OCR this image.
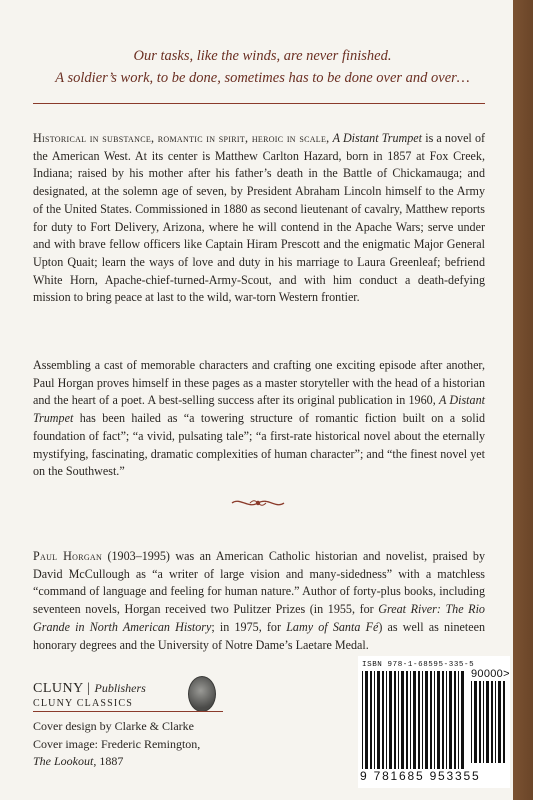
Our tasks, like the winds, are never finished.
A soldier’s work, to be done, sometimes has to be done over and over…

Historical in substance, romantic in spirit, heroic in scale, A Distant Trumpet is a novel of the American West. At its center is Matthew Carlton Hazard, born in 1857 at Fox Creek, Indiana; raised by his mother after his father’s death in the Battle of Chickamauga; and designated, at the solemn age of seven, by President Abraham Lincoln himself to the Army of the United States. Commissioned in 1880 as second lieutenant of cavalry, Matthew reports for duty to Fort Delivery, Arizona, where he will contend in the Apache Wars; serve under and with brave fellow officers like Captain Hiram Prescott and the enigmatic Major General Upton Quait; learn the ways of love and duty in his marriage to Laura Greenleaf; befriend White Horn, Apache-chief-turned-Army-Scout, and with him conduct a death-defying mission to bring peace at last to the wild, war-torn Western frontier.

Assembling a cast of memorable characters and crafting one exciting episode after another, Paul Horgan proves himself in these pages as a master storyteller with the head of a historian and the heart of a poet. A best-selling success after its original publication in 1960, A Distant Trumpet has been hailed as “a towering structure of romantic fiction built on a solid foundation of fact”; “a vivid, pulsating tale”; “a first-rate historical novel about the eternally mystifying, fascinating, dramatic complexities of human character”; and “the finest novel yet on the Southwest.”

Paul Horgan (1903–1995) was an American Catholic historian and novelist, praised by David McCullough as “a writer of large vision and many-sidedness” with a matchless “command of language and feeling for human nature.” Author of forty-plus books, including seventeen novels, Horgan received two Pulitzer Prizes (in 1955, for Great River: The Rio Grande in North American History; in 1975, for Lamy of Santa Fé) as well as nineteen honorary degrees and the University of Notre Dame’s Laetare Medal.

CLUNY | Publishers
CLUNY CLASSICS
Cover design by Clarke & Clarke
Cover image: Frederic Remington,
The Lookout, 1887
ISBN 978-1-68595-335-5
90000>
9 781685 953355
